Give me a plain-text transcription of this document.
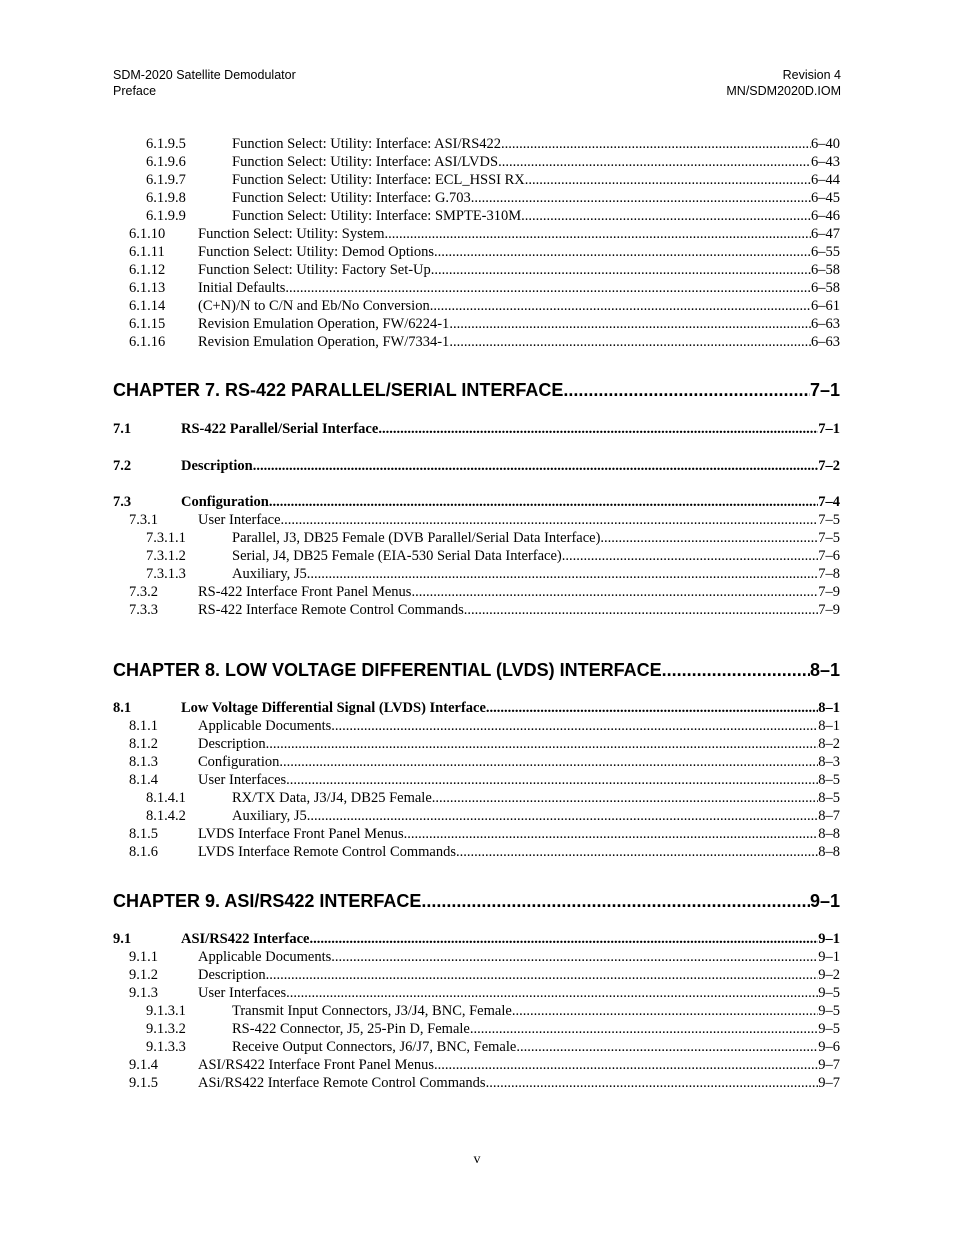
SDM-2020 Satellite Demodulator
Preface
Revision 4
MN/SDM2020D.IOM
6.1.9.5	Function Select: Utility: Interface: ASI/RS422 .....	6–40
6.1.9.6	Function Select: Utility: Interface: ASI/LVDS .....	6–43
6.1.9.7	Function Select: Utility: Interface: ECL_HSSI RX .....	6–44
6.1.9.8	Function Select: Utility: Interface: G.703 .....	6–45
6.1.9.9	Function Select: Utility: Interface: SMPTE-310M .....	6–46
6.1.10	Function Select: Utility: System .....	6–47
6.1.11	Function Select: Utility: Demod Options .....	6–55
6.1.12	Function Select: Utility: Factory Set-Up .....	6–58
6.1.13	Initial Defaults .....	6–58
6.1.14	(C+N)/N to C/N and Eb/No Conversion .....	6–61
6.1.15	Revision Emulation Operation, FW/6224-1 .....	6–63
6.1.16	Revision Emulation Operation, FW/7334-1 .....	6–63
CHAPTER 7. RS-422 PARALLEL/SERIAL INTERFACE .....	7–1
7.1	RS-422 Parallel/Serial Interface .....	7–1
7.2	Description .....	7–2
7.3	Configuration .....	7–4
7.3.1	User Interface .....	7–5
7.3.1.1	Parallel, J3, DB25 Female (DVB Parallel/Serial Data Interface) .....	7–5
7.3.1.2	Serial, J4, DB25 Female (EIA-530 Serial Data Interface) .....	7–6
7.3.1.3	Auxiliary, J5 .....	7–8
7.3.2	RS-422 Interface Front Panel Menus .....	7–9
7.3.3	RS-422 Interface Remote Control Commands .....	7–9
CHAPTER 8. LOW VOLTAGE DIFFERENTIAL (LVDS) INTERFACE .....	8–1
8.1	Low Voltage Differential Signal (LVDS) Interface .....	8–1
8.1.1	Applicable Documents .....	8–1
8.1.2	Description .....	8–2
8.1.3	Configuration .....	8–3
8.1.4	User Interfaces .....	8–5
8.1.4.1	RX/TX Data, J3/J4, DB25 Female .....	8–5
8.1.4.2	Auxiliary, J5 .....	8–7
8.1.5	LVDS Interface Front Panel Menus .....	8–8
8.1.6	LVDS Interface Remote Control Commands .....	8–8
CHAPTER 9. ASI/RS422 INTERFACE .....	9–1
9.1	ASI/RS422 Interface .....	9–1
9.1.1	Applicable Documents .....	9–1
9.1.2	Description .....	9–2
9.1.3	User Interfaces .....	9–5
9.1.3.1	Transmit Input Connectors, J3/J4, BNC, Female .....	9–5
9.1.3.2	RS-422 Connector, J5, 25-Pin D, Female .....	9–5
9.1.3.3	Receive Output Connectors, J6/J7, BNC, Female .....	9–6
9.1.4	ASI/RS422 Interface Front Panel Menus .....	9–7
9.1.5	ASi/RS422 Interface Remote Control Commands .....	9–7
v
